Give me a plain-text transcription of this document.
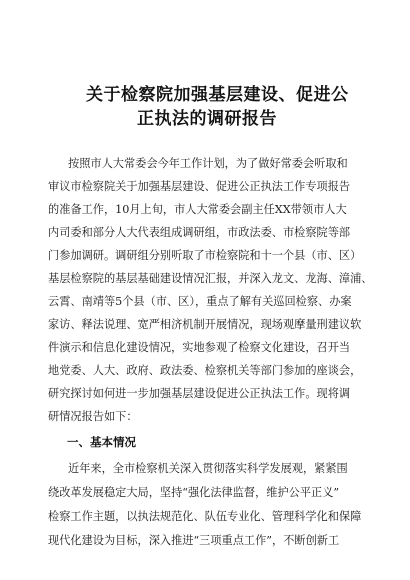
关于检察院加强基层建设、促进公
正执法的调研报告
按照市人大常委会今年工作计划，为了做好常委会听取和
审议市检察院关于加强基层建设、促进公正执法工作专项报告
的准备工作，10月上旬，市人大常委会副主任XX带领市人大
内司委和部分人大代表组成调研组，市政法委、市检察院等部
门参加调研。调研组分别听取了市检察院和十一个县（市、区）
基层检察院的基层基础建设情况汇报，并深入龙文、龙海、漳浦、
云霄、南靖等5个县（市、区），重点了解有关巡回检察、办案
家访、释法说理、宽严相济机制开展情况，现场观摩量刑建议软
件演示和信息化建设情况，实地参观了检察文化建设，召开当
地党委、人大、政府、政法委、检察机关等部门参加的座谈会，
研究探讨如何进一步加强基层建设促进公正执法工作。现将调
研情况报告如下：
一、基本情况
近年来，全市检察机关深入贯彻落实科学发展观，紧紧围
绕改革发展稳定大局，坚持“强化法律监督，维护公平正义”
检察工作主题，以执法规范化、队伍专业化、管理科学化和保障
现代化建设为目标，深入推进“三项重点工作”，不断创新工
